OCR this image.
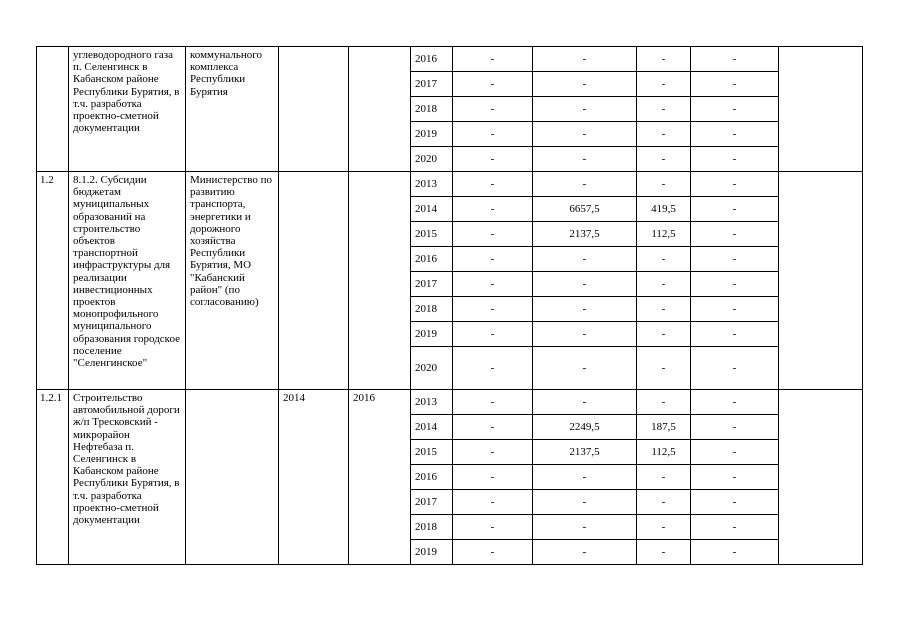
	углеводородного газа п. Селенгинск в Кабанском районе Республики Бурятия, в т.ч. разработка проектно-сметной документации	коммунального комплекса Республики Бурятия			2016	-	-	-	-	
					2017	-	-	-	-	
					2018	-	-	-	-	
					2019	-	-	-	-	
					2020	-	-	-	-	
1.2	8.1.2. Субсидии бюджетам муниципальных образований на строительство объектов транспортной инфраструктуры для реализации инвестиционных проектов монопрофильного муниципального образования городское поселение "Селенгинское"	Министерство по развитию транспорта, энергетики и дорожного хозяйства Республики Бурятия, МО "Кабанский район" (по согласованию)			2013	-	-	-	-	
					2014	-	6657,5	419,5	-	
					2015	-	2137,5	112,5	-	
					2016	-	-	-	-	
					2017	-	-	-	-	
					2018	-	-	-	-	
					2019	-	-	-	-	
					2020	-	-	-	-	
1.2.1	Строительство автомобильной дороги ж/п Тресковский - микрорайон Нефтебаза п. Селенгинск в Кабанском районе Республики Бурятия, в т.ч. разработка проектно-сметной документации		2014	2016	2013	-	-	-	-	
					2014	-	2249,5	187,5	-	
					2015	-	2137,5	112,5	-	
					2016	-	-	-	-	
					2017	-	-	-	-	
					2018	-	-	-	-	
					2019	-	-	-	-	
